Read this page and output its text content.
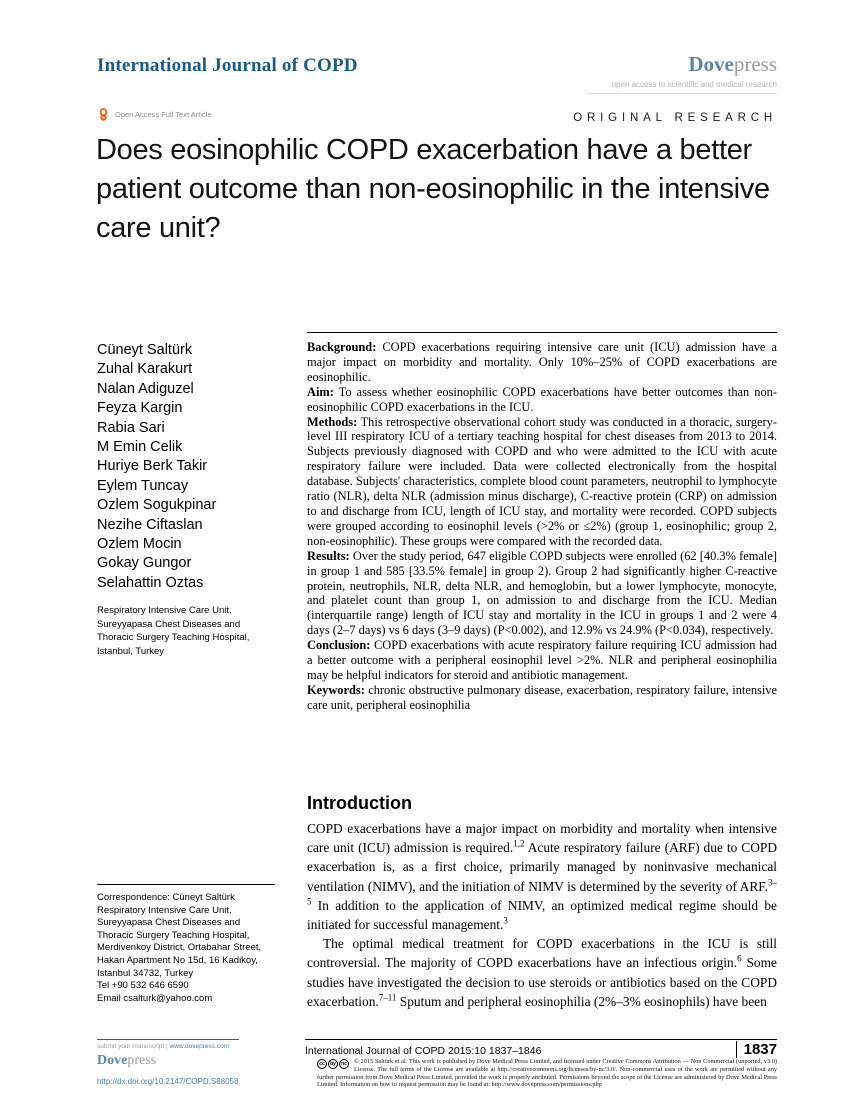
International Journal of COPD	Dovepress
open access to scientific and medical research
Open Access Full Text Article	ORIGINAL RESEARCH
Does eosinophilic COPD exacerbation have a better patient outcome than non-eosinophilic in the intensive care unit?
Cüneyt Saltürk
Zuhal Karakurt
Nalan Adiguzel
Feyza Kargin
Rabia Sari
M Emin Celik
Huriye Berk Takir
Eylem Tuncay
Ozlem Sogukpinar
Nezihe Ciftaslan
Ozlem Mocin
Gokay Gungor
Selahattin Oztas
Respiratory Intensive Care Unit, Sureyyapasa Chest Diseases and Thoracic Surgery Teaching Hospital, Istanbul, Turkey
Correspondence: Cüneyt Saltürk
Respiratory Intensive Care Unit, Sureyyapasa Chest Diseases and Thoracic Surgery Teaching Hospital, Merdivenkoy District, Ortabahar Street, Hakan Apartment No 15d, 16 Kadikoy, Istanbul 34732, Turkey
Tel +90 532 646 6590
Email csalturk@yahoo.com

Background: COPD exacerbations requiring intensive care unit (ICU) admission have a major impact on morbidity and mortality. Only 10%–25% of COPD exacerbations are eosinophilic.

Aim: To assess whether eosinophilic COPD exacerbations have better outcomes than non-eosinophilic COPD exacerbations in the ICU.

Methods: This retrospective observational cohort study was conducted in a thoracic, surgery-level III respiratory ICU of a tertiary teaching hospital for chest diseases from 2013 to 2014. Subjects previously diagnosed with COPD and who were admitted to the ICU with acute respiratory failure were included. Data were collected electronically from the hospital database. Subjects' characteristics, complete blood count parameters, neutrophil to lymphocyte ratio (NLR), delta NLR (admission minus discharge), C-reactive protein (CRP) on admission to and discharge from ICU, length of ICU stay, and mortality were recorded. COPD subjects were grouped according to eosinophil levels (>2% or ≤2%) (group 1, eosinophilic; group 2, non-eosinophilic). These groups were compared with the recorded data.

Results: Over the study period, 647 eligible COPD subjects were enrolled (62 [40.3% female] in group 1 and 585 [33.5% female] in group 2). Group 2 had significantly higher C-reactive protein, neutrophils, NLR, delta NLR, and hemoglobin, but a lower lymphocyte, monocyte, and platelet count than group 1, on admission to and discharge from the ICU. Median (interquartile range) length of ICU stay and mortality in the ICU in groups 1 and 2 were 4 days (2–7 days) vs 6 days (3–9 days) (P<0.002), and 12.9% vs 24.9% (P<0.034), respectively.

Conclusion: COPD exacerbations with acute respiratory failure requiring ICU admission had a better outcome with a peripheral eosinophil level >2%. NLR and peripheral eosinophilia may be helpful indicators for steroid and antibiotic management.

Keywords: chronic obstructive pulmonary disease, exacerbation, respiratory failure, intensive care unit, peripheral eosinophilia

Introduction

COPD exacerbations have a major impact on morbidity and mortality when intensive care unit (ICU) admission is required.$^{1,2}$ Acute respiratory failure (ARF) due to COPD exacerbation is, as a first choice, primarily managed by noninvasive mechanical ventilation (NIMV), and the initiation of NIMV is determined by the severity of ARF.$^{3-5}$ In addition to the application of NIMV, an optimized medical regime should be initiated for successful management.$^3$

The optimal medical treatment for COPD exacerbations in the ICU is still controversial. The majority of COPD exacerbations have an infectious origin.$^6$ Some studies have investigated the decision to use steroids or antibiotics based on the COPD exacerbation.$^{7-11}$ Sputum and peripheral eosinophilia (2%–3% eosinophils) have been

submit your manuscript | www.dovepress.com
Dovepress
http://dx.doi.org/10.2147/COPD.S88058
International Journal of COPD 2015:10 1837–1846	1837
cc	by	nc	© 2015 Saltürk et al. This work is published by Dove Medical Press Limited, and licensed under Creative Commons Attribution — Non Commercial (unported, v3.0) License. The full terms of the License are available at http://creativecommons.org/licenses/by-nc/3.0/. Non-commercial uses of the work are permitted without any further permission from Dove Medical Press Limited, provided the work is properly attributed. Permissions beyond the scope of the License are administered by Dove Medical Press Limited. Information on how to request permission may be found at: http://www.dovepress.com/permissions.php
